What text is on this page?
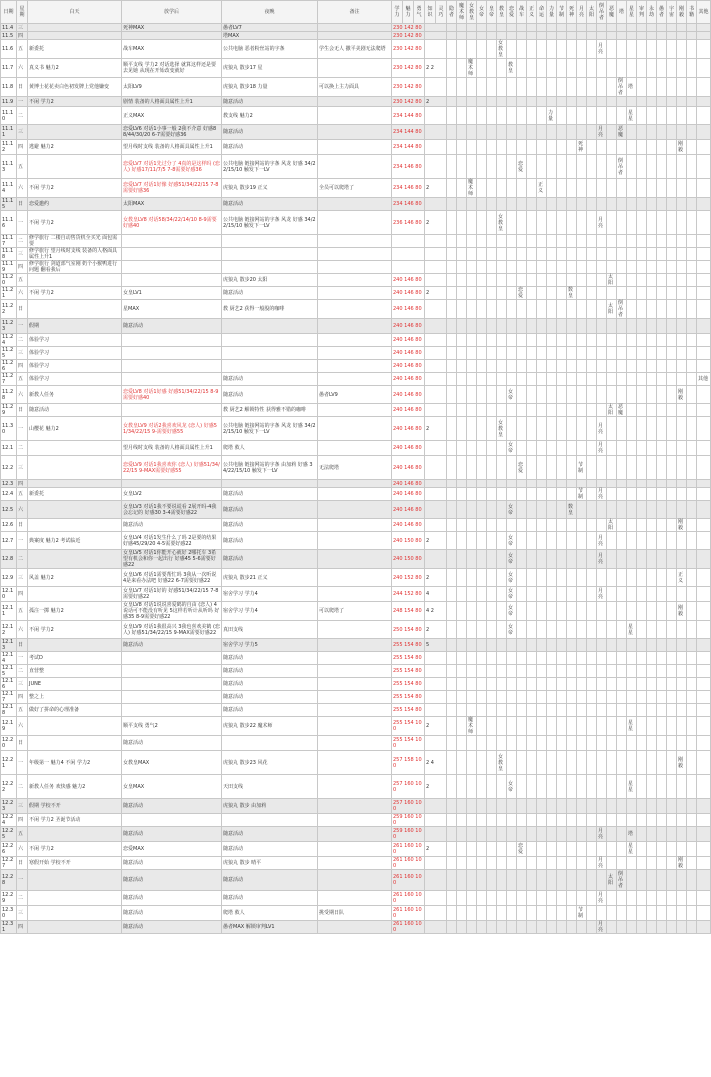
日期	星期	白天	放学后	夜晚	备注	学力	魅力	勇气	知识	灵巧	隐者	魔术师	女教皇	女帝	皇帝	教皇	恋爱	战车	正义	命运	力量	节制	死神	月亮	太阳	倒吊者	恶魔	塔	星星	审判	永劫	愚者	宇宙	刚毅	书籍	其他
11.4	三		死神MAX	愚者LV7		230 142 80																														
11.5	四			塔MAX		230 142 80																														
11.6	五	新委托	战车MAX	公共电脑 恶者粉丝站的字条	学生会无人 撒平美剧无法爬塔	230 142 80										女教皇										月亮										
11.7	六	真义书 魅力2	顺平支线 学力2 对话选择 就算这样还是要去见她 从现在开始改变就好	虎狼丸 散步17 星		230 142 80			2 2				魔术师				教皇																			
11.8	日	黄博士花花卖白色初发牌上党他嫌变	太阳LV9	虎狼丸 散步18 力量	可以换上主力面具	230 142 80																						倒吊者	塔							
11.9	一	不闲 学力2	剧情 装备的人格面具属性上升1	随意活动		230 142 80			2																											
11.10	二		正义MAX	教支线 魅力2		234 144 80															力量								星星							
11.11	三		恋爱LV6 对话1小事一般 2我不介意 好感88/44/30/20 6-7需要好感36	随意活动		234 144 80																				月亮		恶魔								
11.12	四	逃避 魅力2	望月线时支线 装备的人格面具属性上升1	随意活动		234 144 80																		死神										刚毅		
11.13	五		恋爱LV7 对话1先过分了 4真的是这样吗 (恋人) 好感17/11/7/5 7-8需要好感36	公共电脑 链接网站的字条 风龙 好感 34/22/15/10 触发下一LV		234 146 80												恋爱										倒吊者								
11.14	六	不闲 学力2	恋爱LV7 对话1好像 好感51/34/22/15 7-8需要好感36	虎狼丸 散步19 正义	全员可以爬塔了	234 146 80			2				魔术师							正义																
11.15	日	恋爱邀约	太阳MAX	随意活动		234 146 80																														
11.16	一	不闲 学力2	女教皇LV8 对话58/34/22/14/10 8-9需要好感40	公共电脑 链接网站的字条 风龙 好感 34/22/15/10 触发下一LV		236 146 80			2							女教皇										月亮										
11.17	二	修学旅行 二楼自动售货机全买光 面包需要																																		
11.18	三	修学旅行 望月线时支线 装备的人格面具属性上升1																																		
11.19	四	修学旅行 剑道部气室刚 奶个小猴鸭进行问题 翻看我后																																		
11.20	五			虎狼丸 散步20 太阳		240 146 80																					太阳									
11.21	六	不闲 学力2	女皇LV1	随意活动		240 146 80			2									恋爱					数皇													
11.22	日		星MAX	教 厨艺2 获得一般股的咖啡		240 146 80																					太阳	倒吊者								
11.23	一	假期	随意活动			240 146 80																														
11.24	二	体验学习				240 146 80																														
11.25	三	体验学习				240 146 80																														
11.26	四	体验学习				240 146 80																														
11.27	五	体验学习		随意活动		240 146 80																														其他
11.28	六	新教人任务	恋爱LV8 对话1好感 好感51/34/22/15 8-9需要好感40	随意活动	愚者LV9	240 146 80											女帝																	刚毅		
11.29	日	随意活动		教 厨艺2 解锁特性 获得雅不错的咖啡		240 146 80																					太阳	恶魔								
11.30	一	山樱花 魅力2	女教皇LV9 对话2我喜欢风龙 (恋人) 好感51/34/22/15 9-需要好感55	公共电脑 链接网站的字条 风龙 好感 34/22/15/10 触发下一LV		240 146 80			2							女教皇										月亮										
12.1	二		望月线时支线 装备的人格面具属性上升1	爬塔 救人		240 146 80											女帝									月亮										
12.2	三		恋爱LV9 对话1我喜欢你 (恋人) 好感51/34/22/15 9-MAX需要好感55	公共电脑 链接网站的字条 由加莉 好感 34/22/15/10 触发下一LV	无法爬塔	240 146 80												恋爱						节制												
12.3	四					240 146 80																														
12.4	五	新委托	女皇LV2	随意活动		240 146 80																		节制		月亮										
12.5	六		女皇LV3 对话1我不要说谎看 2展开吗-4我会忘记的 好感30 3-4需要好感22	随意活动		240 146 80											女帝						数皇													
12.6	日		随意活动	随意活动		240 146 80																					太阳							刚毅		
12.7	一	典案度 魅力2 考试临近	女皇LV4 对话1发生什么了吗 2是要的结果 好感45/29/20 4-5需要好感22	随意活动		240 150 80			2								女帝									月亮										
12.8	二		女皇LV5 对话1你能开心就好 2哪托车 3希望有机会和你一起出行 好感45 5-6需要好感22	随意活动		240 150 80											女帝									月亮										
12.9	三	风盖 魅力2	女皇LV6 对话1需要帮忙吗 3我从一次听说 4是来看办法吧 好感22 6-7需要好感22	虎狼丸 散步21 正义		240 152 80			2								女帝																	正义		
12.10	四		女皇LV7 对话1好的 好感51/34/22/15 7-8需要好感22	宿舍学习 学力4		244 152 80			4								女帝									月亮										
12.11	五	孤注一掷 魅力2	女皇LV8 对话1说说喜爱鹤的自由 (恋人) 4说话可不能没有听见 5这样若听计从听吗 好感35 8-9需要好感22	宿舍学习 学力4	可以爬塔了	248 154 80			4 2								女帝																	刚毅		
12.12	六	不闲 学力2	女皇LV9 对话1我很高兴 3我也喜欢美鹤 (恋人) 好感51/34/22/15 9-MAX需要好感22	真田支线		250 154 80			2								女帝												星星							
12.13	日		随意活动	宿舍学习 学力5		255 154 80			5																											
12.14	一	考试D		随意活动		255 154 80																														
12.15	二	直营整		随意活动		255 154 80																														
12.16	三	JUNE		随意活动		255 154 80																														
12.17	四	整之上		随意活动		255 154 80																														
12.18	五	做好了拼命的心理准备		随意活动		255 154 80																														
12.19	六		顺平支线 勇气2	虎狼丸 散步22 魔术师		255 154 100			2				魔术师																星星							
12.20	日		随意活动			255 154 100																														
12.21	一	年级第一 魅力4 不闲 学力2	女教皇MAX	虎狼丸 散步23 风花		257 158 100			2 4							女教皇																		刚毅		
12.22	二	新教人任务 欢快感 魅力2	女皇MAX	天田支线		257 160 100			2								女帝												星星							
12.23	三	假期 学校不开	随意活动	虎狼丸 散步 由加莉		257 160 100																														
12.24	四	不闲 学力2 圣诞节活动				259 160 100																														
12.25	五		随意活动	随意活动		259 160 100																				月亮			塔							
12.26	六	不闲 学力2	恋爱MAX	随意活动		261 160 100			2									恋爱											星星							
12.27	日	寒假开始 学校不开	随意活动	虎狼丸 散步 晴平		261 160 100																				月亮								刚毅		
12.28	一		随意活动	随意活动		261 160 100																					太阳	倒吊者								
12.29	二		随意活动	随意活动		261 160 100																				月亮										
12.30	三		随意活动	爬塔 救人	挑受期日队	261 160 100																		节制												
12.31	四		随意活动	愚者MAX 解锁审判LV1		261 160 100																				月亮										
